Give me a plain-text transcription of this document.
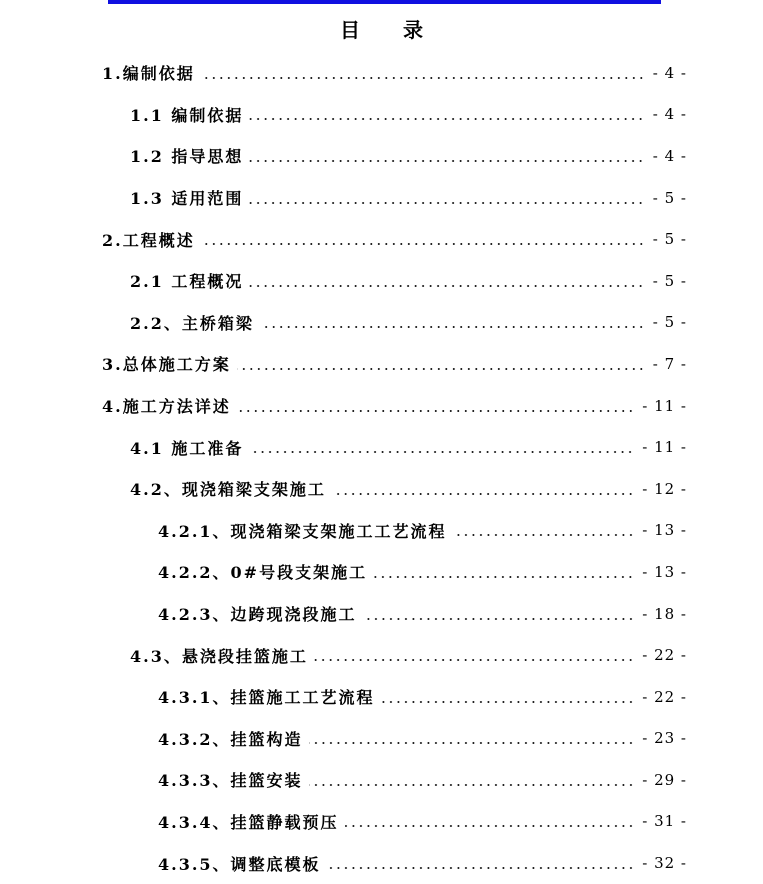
目 录
1.编制依据	- 4 -
1.1 编制依据	- 4 -
1.2 指导思想	- 4 -
1.3 适用范围	- 5 -
2.工程概述	- 5 -
2.1 工程概况	- 5 -
2.2、主桥箱梁	- 5 -
3.总体施工方案	- 7 -
4.施工方法详述	- 11 -
4.1 施工准备	- 11 -
4.2、现浇箱梁支架施工	- 12 -
4.2.1、现浇箱梁支架施工工艺流程	- 13 -
4.2.2、0#号段支架施工	- 13 -
4.2.3、边跨现浇段施工	- 18 -
4.3、悬浇段挂篮施工	- 22 -
4.3.1、挂篮施工工艺流程	- 22 -
4.3.2、挂篮构造	- 23 -
4.3.3、挂篮安装	- 29 -
4.3.4、挂篮静载预压	- 31 -
4.3.5、调整底模板	- 32 -
